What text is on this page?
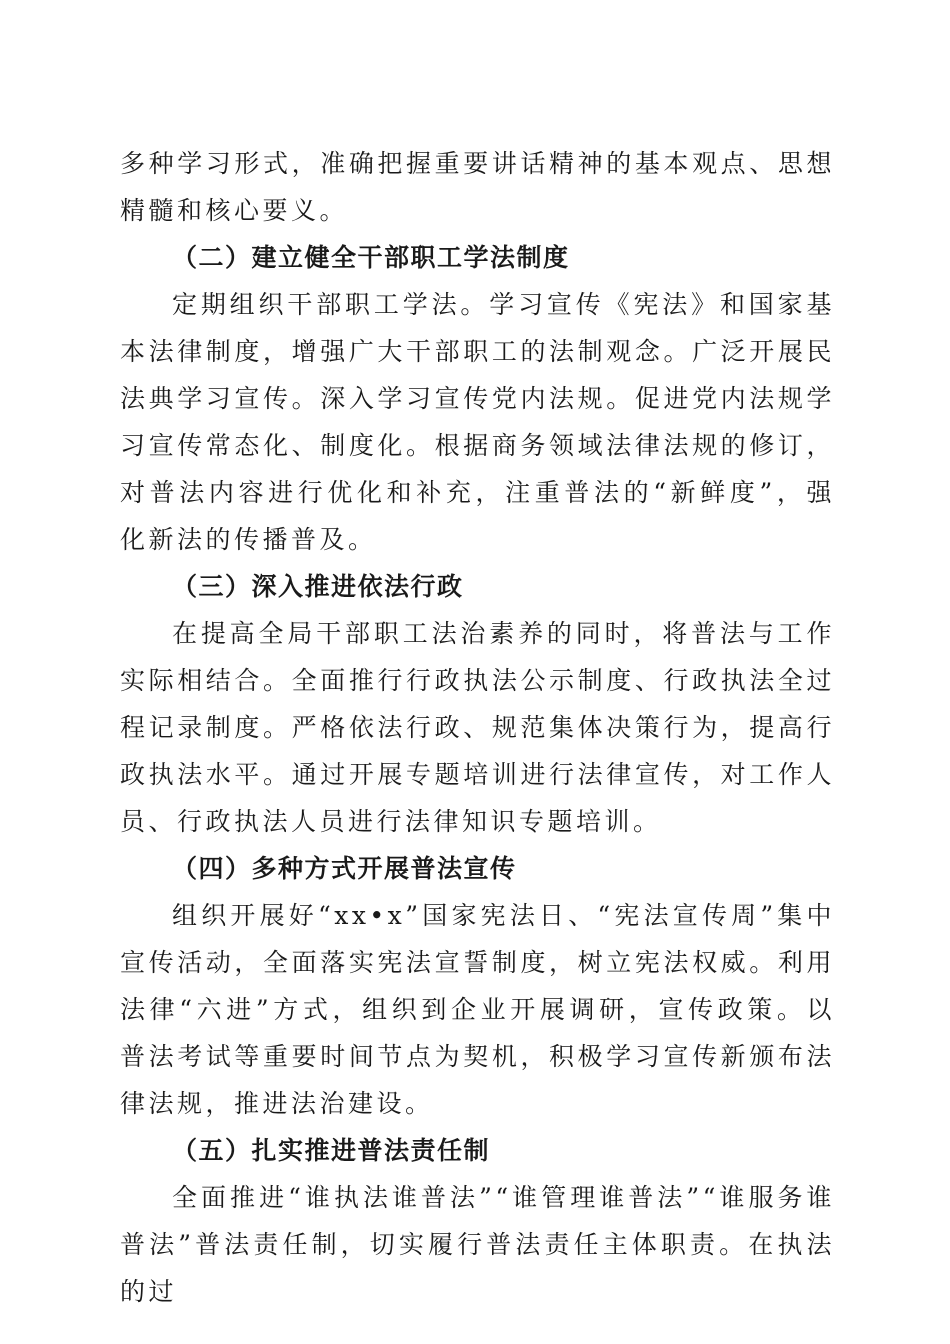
多种学习形式，准确把握重要讲话精神的基本观点、思想精髓和核心要义。

（二）建立健全干部职工学法制度

定期组织干部职工学法。学习宣传《宪法》和国家基本法律制度，增强广大干部职工的法制观念。广泛开展民法典学习宣传。深入学习宣传党内法规。促进党内法规学习宣传常态化、制度化。根据商务领域法律法规的修订，对普法内容进行优化和补充，注重普法的“新鲜度”，强化新法的传播普及。

（三）深入推进依法行政

在提高全局干部职工法治素养的同时，将普法与工作实际相结合。全面推行行政执法公示制度、行政执法全过程记录制度。严格依法行政、规范集体决策行为，提高行政执法水平。通过开展专题培训进行法律宣传，对工作人员、行政执法人员进行法律知识专题培训。

（四）多种方式开展普法宣传

组织开展好“xx•x”国家宪法日、“宪法宣传周”集中宣传活动，全面落实宪法宣誓制度，树立宪法权威。利用法律“六进”方式，组织到企业开展调研，宣传政策。以普法考试等重要时间节点为契机，积极学习宣传新颁布法律法规，推进法治建设。

（五）扎实推进普法责任制

全面推进“谁执法谁普法”“谁管理谁普法”“谁服务谁普法”普法责任制，切实履行普法责任主体职责。在执法的过
